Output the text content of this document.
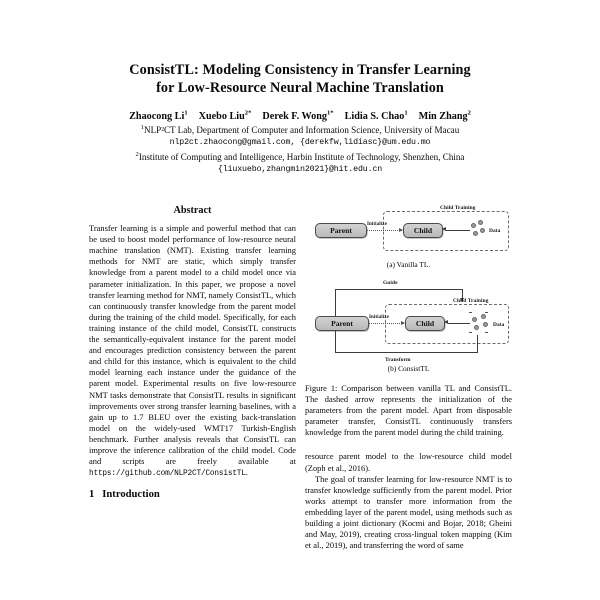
ConsistTL: Modeling Consistency in Transfer Learning
for Low-Resource Neural Machine Translation
Zhaocong Li$^1$ Xuebo Liu$^{2*}$ Derek F. Wong$^{1*}$ Lidia S. Chao$^1$ Min Zhang$^2$
$^1$NLP²CT Lab, Department of Computer and Information Science, University of Macau
nlp2ct.zhaocong@gmail.com, {derekfw,lidiasc}@um.edu.mo
$^2$Institute of Computing and Intelligence, Harbin Institute of Technology, Shenzhen, China
{liuxuebo,zhangmin2021}@hit.edu.cn
Abstract

Transfer learning is a simple and powerful method that can be used to boost model performance of low-resource neural machine translation (NMT). Existing transfer learning methods for NMT are static, which simply transfer knowledge from a parent model to a child model once via parameter initialization. In this paper, we propose a novel transfer learning method for NMT, namely ConsistTL, which can continuously transfer knowledge from the parent model during the training of the child model. Specifically, for each training instance of the child model, ConsistTL constructs the semantically-equivalent instance for the parent model and encourages prediction consistency between the parent and child for this instance, which is equivalent to the child model learning each instance under the guidance of the parent model. Experimental results on five low-resource NMT tasks demonstrate that ConsistTL results in significant improvements over strong transfer learning baselines, with a gain up to 1.7 BLEU over the existing back-translation model on the widely-used WMT17 Turkish-English benchmark. Further analysis reveals that ConsistTL can improve the inference calibration of the child model. Code and scripts are freely available at https://github.com/NLP2CT/ConsistTL.

1 Introduction
Child Training
Parent	Child
Initialize
Data
(a) Vanilla TL.
Guide
Child Training
Parent	Child
Initialize
Data
Transform
(b) ConsistTL
Figure 1: Comparison between vanilla TL and ConsistTL. The dashed arrow represents the initialization of the parameters from the parent model. Apart from disposable parameter transfer, ConsistTL continuously transfers knowledge from the parent model during the child training.

resource parent model to the low-resource child model (Zoph et al., 2016).

The goal of transfer learning for low-resource NMT is to transfer knowledge sufficiently from the parent model. Prior works attempt to transfer more information from the embedding layer of the parent model, using methods such as building a joint dictionary (Kocmi and Bojar, 2018; Gheini and May, 2019), creating cross-lingual token mapping (Kim et al., 2019), and transferring the word of same
